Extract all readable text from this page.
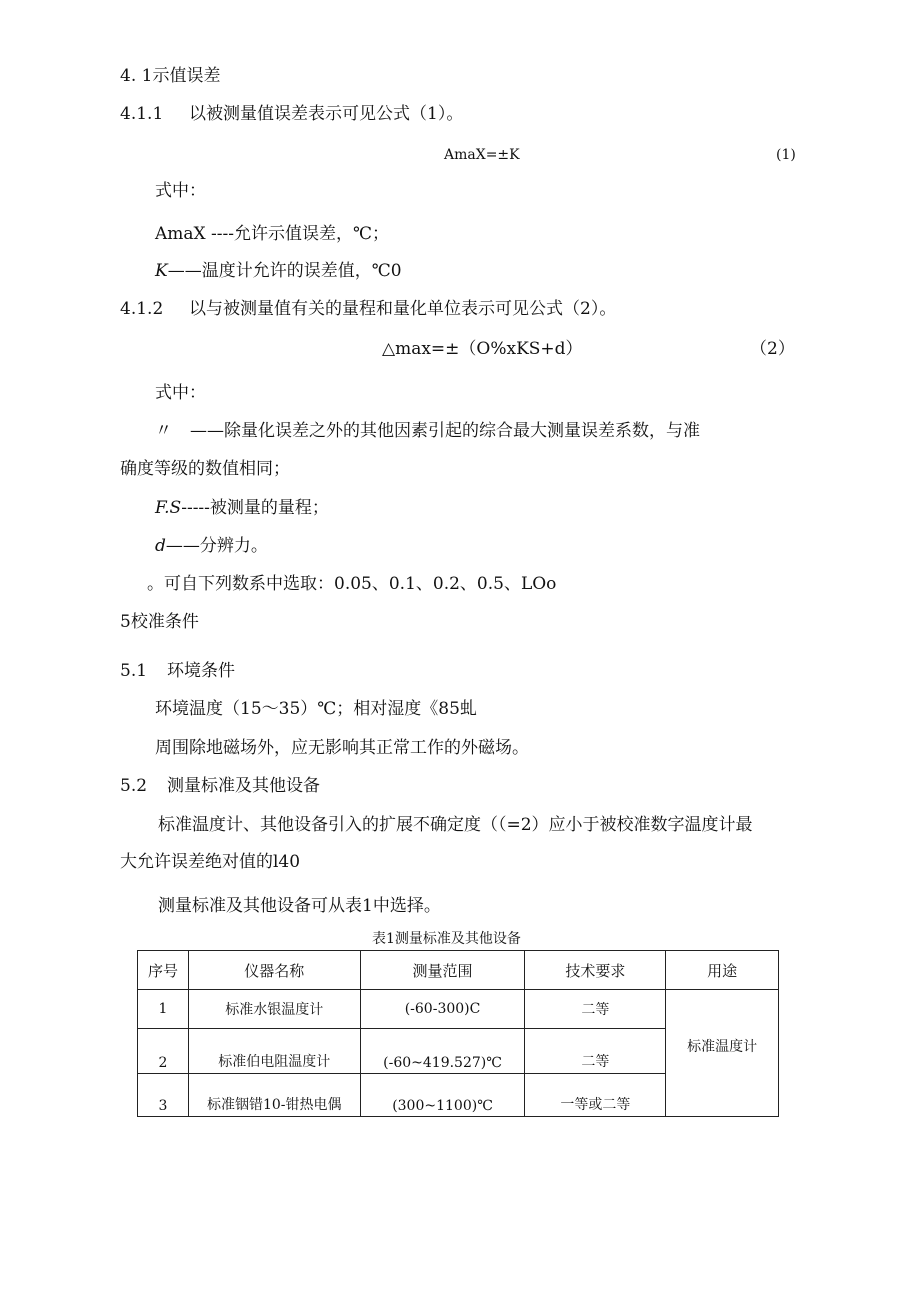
4. 1示值误差
4.1.1 以被测量值误差表示可见公式（1）。
AmaX=±K	(1)
式中：
AmaX ----允许示值误差，℃；
K——温度计允许的误差值，℃0
4.1.2 以与被测量值有关的量程和量化单位表示可见公式（2）。
△max=±（O%xKS+d）	（2）
式中：
〃 ——除量化误差之外的其他因素引起的综合最大测量误差系数，与准
确度等级的数值相同；
F.S-----被测量的量程；
d——分辨力。
。可自下列数系中选取：0.05、0.1、0.2、0.5、LOo
5校准条件
5.1 环境条件
环境温度（15～35）℃；相对湿度《85虬
周围除地磁场外，应无影响其正常工作的外磁场。
5.2 测量标准及其他设备
标准温度计、其他设备引入的扩展不确定度（（=2）应小于被校准数字温度计最
大允许误差绝对值的l40
测量标准及其他设备可从表1中选择。
表1测量标准及其他设备
序号	仪器名称	测量范围	技术要求	用途
1	标准水银温度计	(-60-300)C	二等	标准温度计
2	标准伯电阻温度计	(-60~419.527)℃	二等	
3	标准铟错10-钳热电偶	(300~1100)℃	一等或二等	
